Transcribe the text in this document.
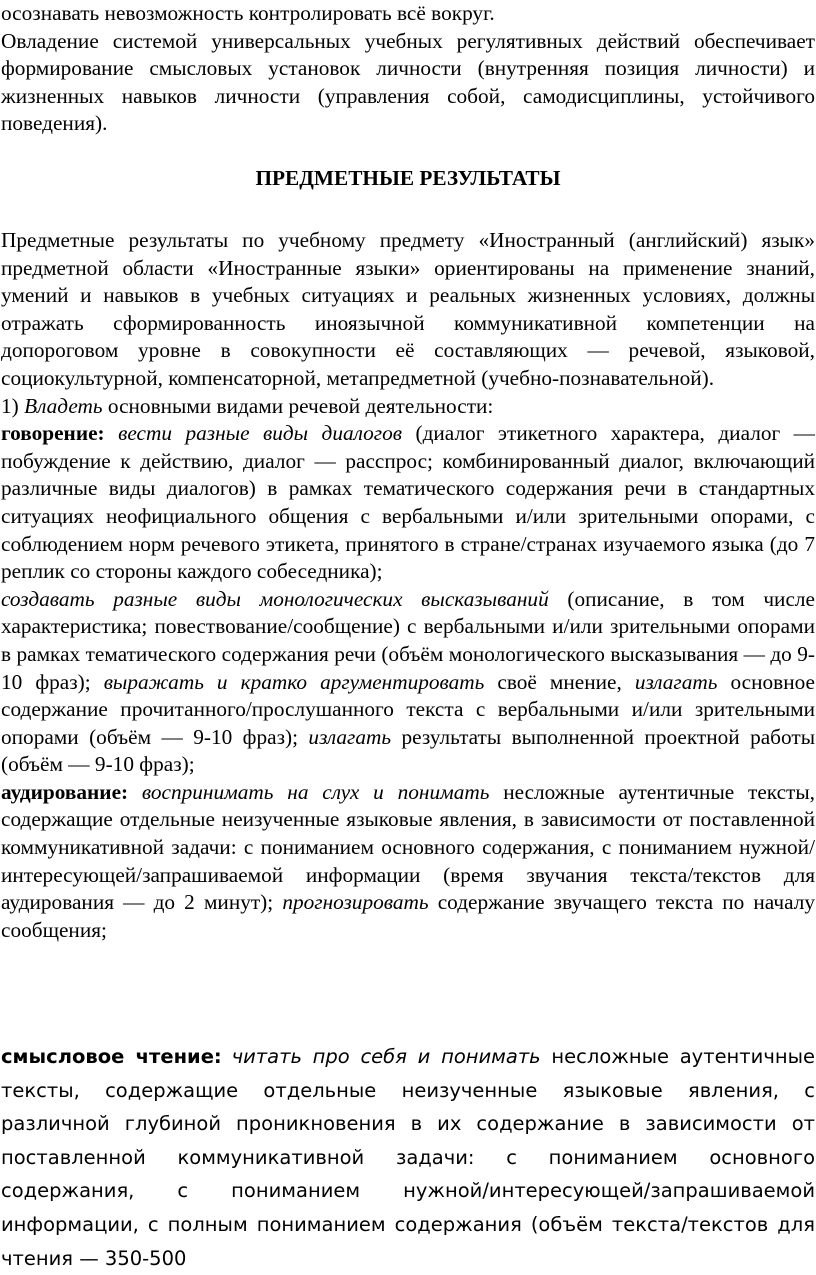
осознавать невозможность контролировать всё вокруг.
Овладение системой универсальных учебных регулятивных действий обеспечивает формирование смысловых установок личности (внутренняя позиция личности) и жизненных навыков личности (управления собой, самодисциплины, устойчивого поведения).
ПРЕДМЕТНЫЕ РЕЗУЛЬТАТЫ
Предметные результаты по учебному предмету «Иностранный (английский) язык» предметной области «Иностранные языки» ориентированы на применение знаний, умений и навыков в учебных ситуациях и реальных жизненных условиях, должны отражать сформированность иноязычной коммуникативной компетенции на допороговом уровне в совокупности её составляющих — речевой, языковой, социокультурной, компенсаторной, метапредметной (учебно-познавательной).
1) Владеть основными видами речевой деятельности:
говорение: вести разные виды диалогов (диалог этикетного характера, диалог — побуждение к действию, диалог — расспрос; комбинированный диалог, включающий различные виды диалогов) в рамках тематического содержания речи в стандартных ситуациях неофициального общения с вербальными и/или зрительными опорами, с соблюдением норм речевого этикета, принятого в стране/странах изучаемого языка (до 7 реплик со стороны каждого собеседника);
создавать разные виды монологических высказываний (описание, в том числе характеристика; повествование/сообщение) с вербальными и/или зрительными опорами в рамках тематического содержания речи (объём монологического высказывания — до 9-10 фраз); выражать и кратко аргументировать своё мнение, излагать основное содержание прочитанного/прослушанного текста с вербальными и/или зрительными опорами (объём — 9-10 фраз); излагать результаты выполненной проектной работы (объём — 9-10 фраз);
аудирование: воспринимать на слух и понимать несложные аутентичные тексты, содержащие отдельные неизученные языковые явления, в зависимости от поставленной коммуникативной задачи: с пониманием основного содержания, с пониманием нужной/интересующей/запрашиваемой информации (время звучания текста/текстов для аудирования — до 2 минут); прогнозировать содержание звучащего текста по началу сообщения;
смысловое чтение: читать про себя и понимать несложные аутентичные тексты, содержащие отдельные неизученные языковые явления, с различной глубиной проникновения в их содержание в зависимости от поставленной коммуникативной задачи: с пониманием основного содержания, с пониманием нужной/интересующей/запрашиваемой информации, с полным пониманием содержания (объём текста/текстов для чтения — 350-500
